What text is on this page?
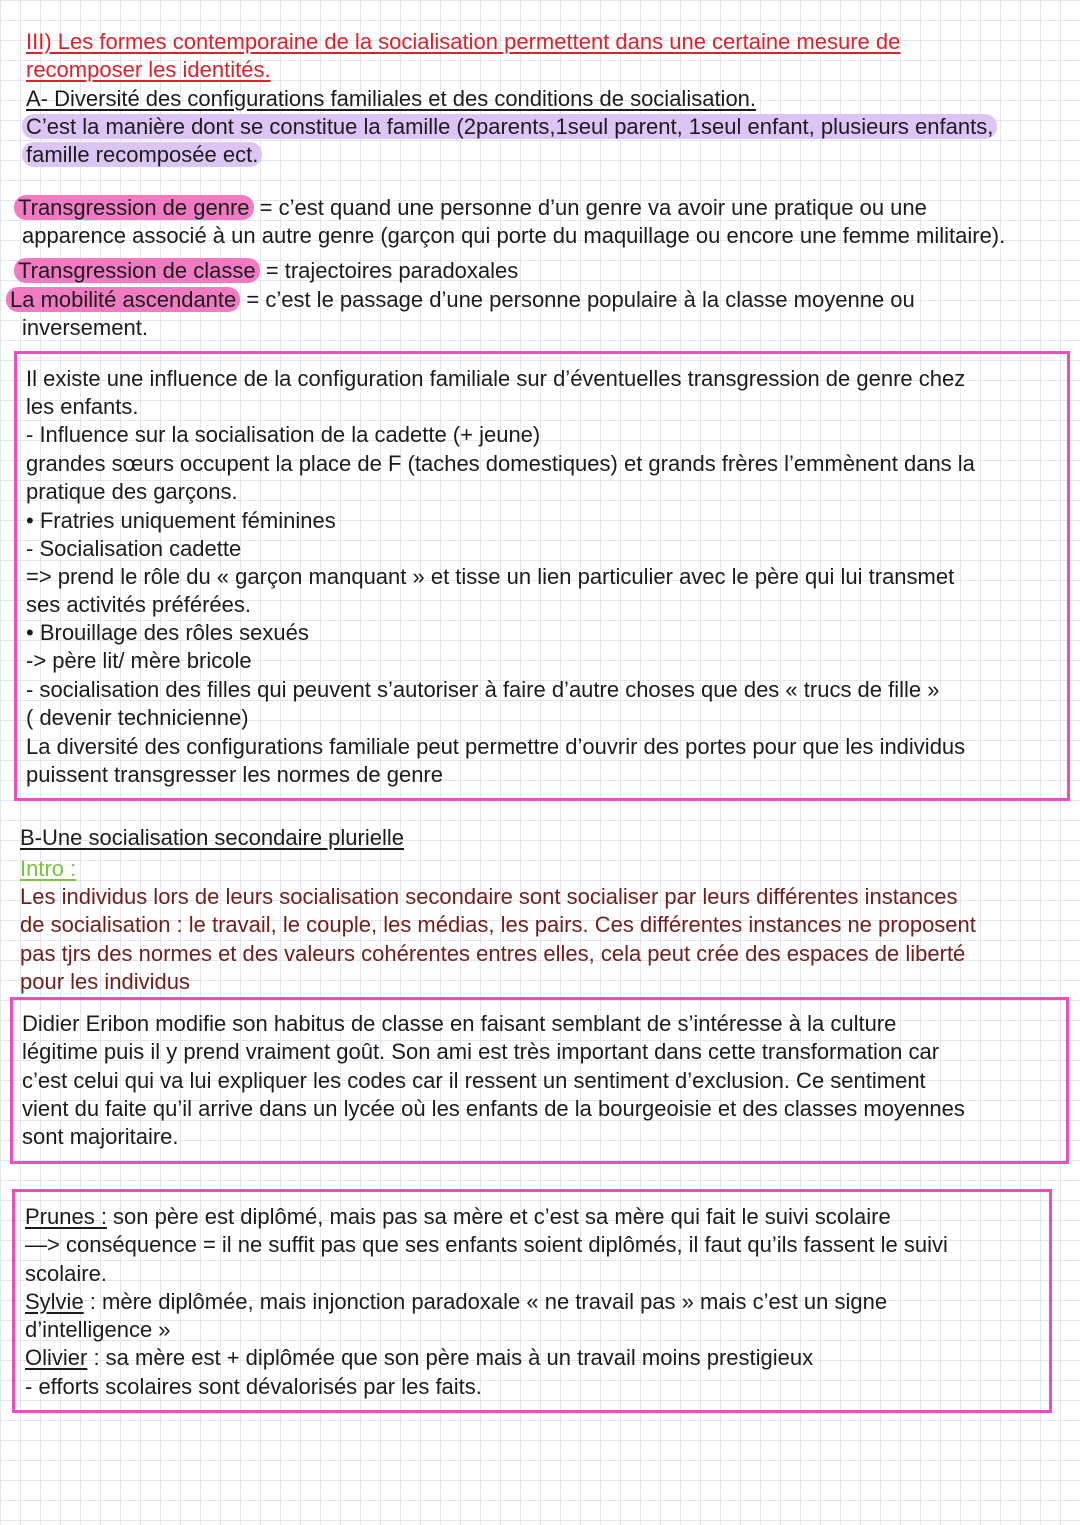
III) Les formes contemporaine de la socialisation permettent dans une certaine mesure de
recomposer les identités.
A- Diversité des configurations familiales et des conditions de socialisation.
C’est la manière dont se constitue la famille (2parents,1seul parent, 1seul enfant, plusieurs enfants,
famille recomposée ect.
Transgression de genre = c’est quand une personne d’un genre va avoir une pratique ou une
apparence associé à un autre genre (garçon qui porte du maquillage ou encore une femme militaire).
Transgression de classe = trajectoires paradoxales
La mobilité ascendante = c’est le passage d’une personne populaire à la classe moyenne ou
inversement.
Il existe une influence de la configuration familiale sur d’éventuelles transgression de genre chez
les enfants.
- Influence sur la socialisation de la cadette (+ jeune)
grandes sœurs occupent la place de F (taches domestiques) et grands frères l’emmènent dans la
pratique des garçons.
• Fratries uniquement féminines
- Socialisation cadette
=> prend le rôle du « garçon manquant » et tisse un lien particulier avec le père qui lui transmet
ses activités préférées.
• Brouillage des rôles sexués
-> père lit/ mère bricole
- socialisation des filles qui peuvent s’autoriser à faire d’autre choses que des « trucs de fille »
( devenir technicienne)
La diversité des configurations familiale peut permettre d’ouvrir des portes pour que les individus
puissent transgresser les normes de genre
B-Une socialisation secondaire plurielle
Intro :
Les individus lors de leurs socialisation secondaire sont socialiser par leurs différentes instances
de socialisation : le travail, le couple, les médias, les pairs. Ces différentes instances ne proposent
pas tjrs des normes et des valeurs cohérentes entres elles, cela peut crée des espaces de liberté
pour les individus
Didier Eribon modifie son habitus de classe en faisant semblant de s’intéresse à la culture
légitime puis il y prend vraiment goût. Son ami est très important dans cette transformation car
c’est celui qui va lui expliquer les codes car il ressent un sentiment d’exclusion. Ce sentiment
vient du faite qu’il arrive dans un lycée où les enfants de la bourgeoisie et des classes moyennes
sont majoritaire.
Prunes : son père est diplômé, mais pas sa mère et c’est sa mère qui fait le suivi scolaire
—> conséquence = il ne suffit pas que ses enfants soient diplômés, il faut qu’ils fassent le suivi
scolaire.
Sylvie : mère diplômée, mais injonction paradoxale « ne travail pas » mais c’est un signe
d’intelligence »
Olivier : sa mère est + diplômée que son père mais à un travail moins prestigieux
- efforts scolaires sont dévalorisés par les faits.
